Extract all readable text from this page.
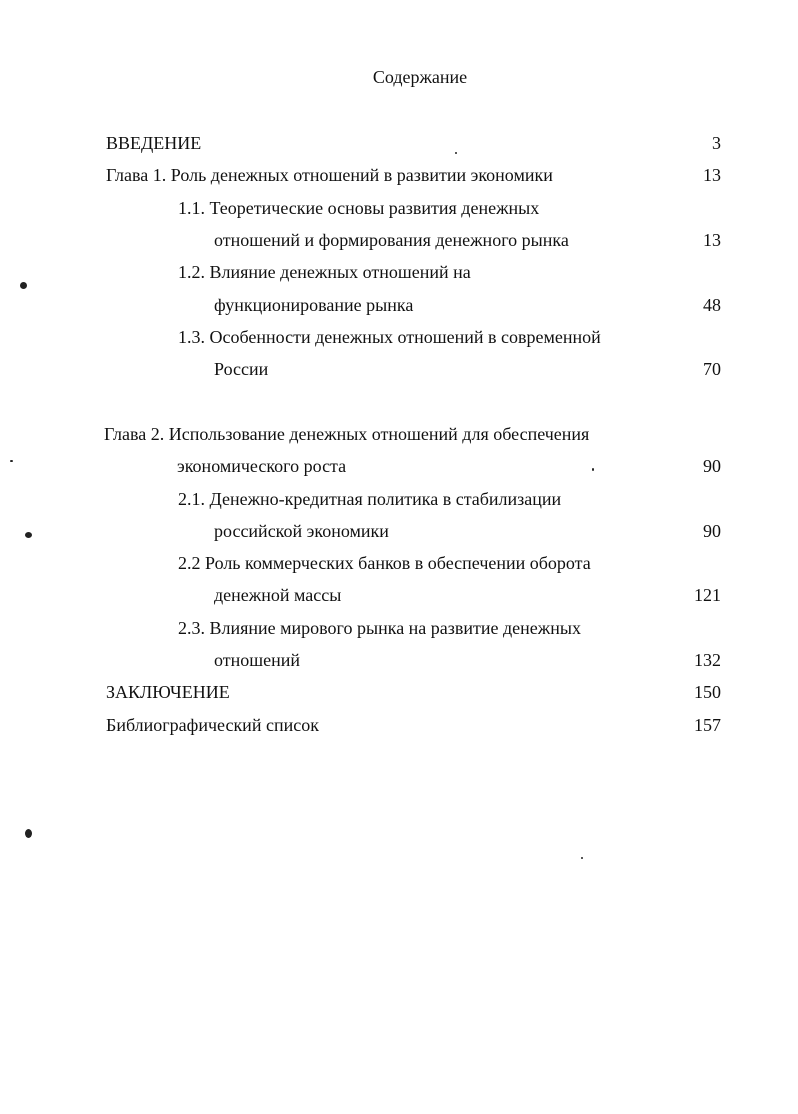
Содержание
ВВЕДЕНИЕ	3
Глава 1. Роль денежных отношений в развитии экономики	13
1.1. Теоретические основы развития денежных
отношений и формирования денежного рынка	13
1.2. Влияние денежных отношений на
функционирование рынка	48
1.3. Особенности денежных отношений в современной
России	70
Глава 2. Использование денежных отношений для обеспечения
экономического роста	90
2.1. Денежно-кредитная политика в стабилизации
российской экономики	90
2.2 Роль коммерческих банков в обеспечении оборота
денежной массы	121
2.3. Влияние мирового рынка на развитие денежных
отношений	132
ЗАКЛЮЧЕНИЕ	150
Библиографический список	157
